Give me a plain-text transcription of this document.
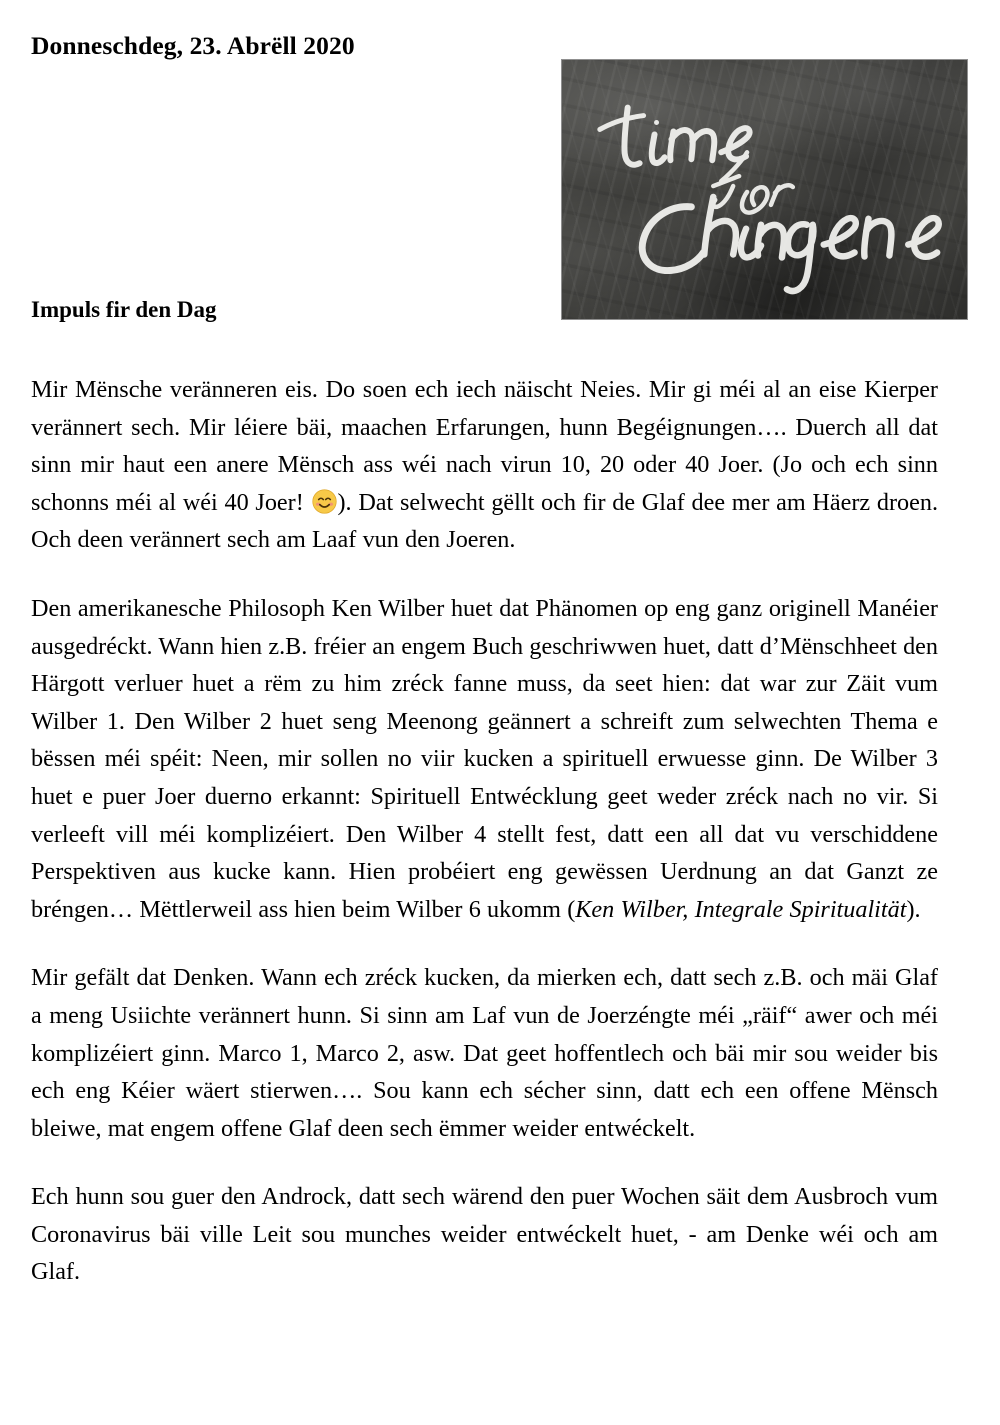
Donneschdeg, 23. Abrëll 2020
Impuls fir den Dag

Mir Mënsche veränneren eis. Do soen ech iech näischt Neies. Mir gi méi al an eise Kierper verännert sech. Mir léiere bäi, maachen Erfarungen, hunn Begéignungen…. Duerch all dat sinn mir haut een anere Mënsch ass wéi nach virun 10, 20 oder 40 Joer. (Jo och ech sinn schonns méi al wéi 40 Joer! ). Dat selwecht gëllt och fir de Glaf dee mer am Häerz droen. Och deen verännert sech am Laaf vun den Joeren.

Den amerikanesche Philosoph Ken Wilber huet dat Phänomen op eng ganz originell Manéier ausgedréckt. Wann hien z.B. fréier an engem Buch geschriwwen huet, datt d’Mënschheet den Härgott verluer huet a rëm zu him zréck fanne muss, da seet hien: dat war zur Zäit vum Wilber 1. Den Wilber 2 huet seng Meenong geännert a schreift zum selwechten Thema e bëssen méi spéit: Neen, mir sollen no viir kucken a spirituell erwuesse ginn. De Wilber 3 huet e puer Joer duerno erkannt: Spirituell Entwécklung geet weder zréck nach no vir. Si verleeft vill méi komplizéiert. Den Wilber 4 stellt fest, datt een all dat vu verschiddene Perspektiven aus kucke kann. Hien probéiert eng gewëssen Uerdnung an dat Ganzt ze bréngen… Mëttlerweil ass hien beim Wilber 6 ukomm (Ken Wilber, Integrale Spiritualität).

Mir gefält dat Denken. Wann ech zréck kucken, da mierken ech, datt sech z.B. och mäi Glaf a meng Usiichte verännert hunn. Si sinn am Laf vun de Joerzéngte méi „räif“ awer och méi komplizéiert ginn. Marco 1, Marco 2, asw. Dat geet hoffentlech och bäi mir sou weider bis ech eng Kéier wäert stierwen…. Sou kann ech sécher sinn, datt ech een offene Mënsch bleiwe, mat engem offene Glaf deen sech ëmmer weider entwéckelt.

Ech hunn sou guer den Androck, datt sech wärend den puer Wochen säit dem Ausbroch vum Coronavirus bäi ville Leit sou munches weider entwéckelt huet, - am Denke wéi och am Glaf.
